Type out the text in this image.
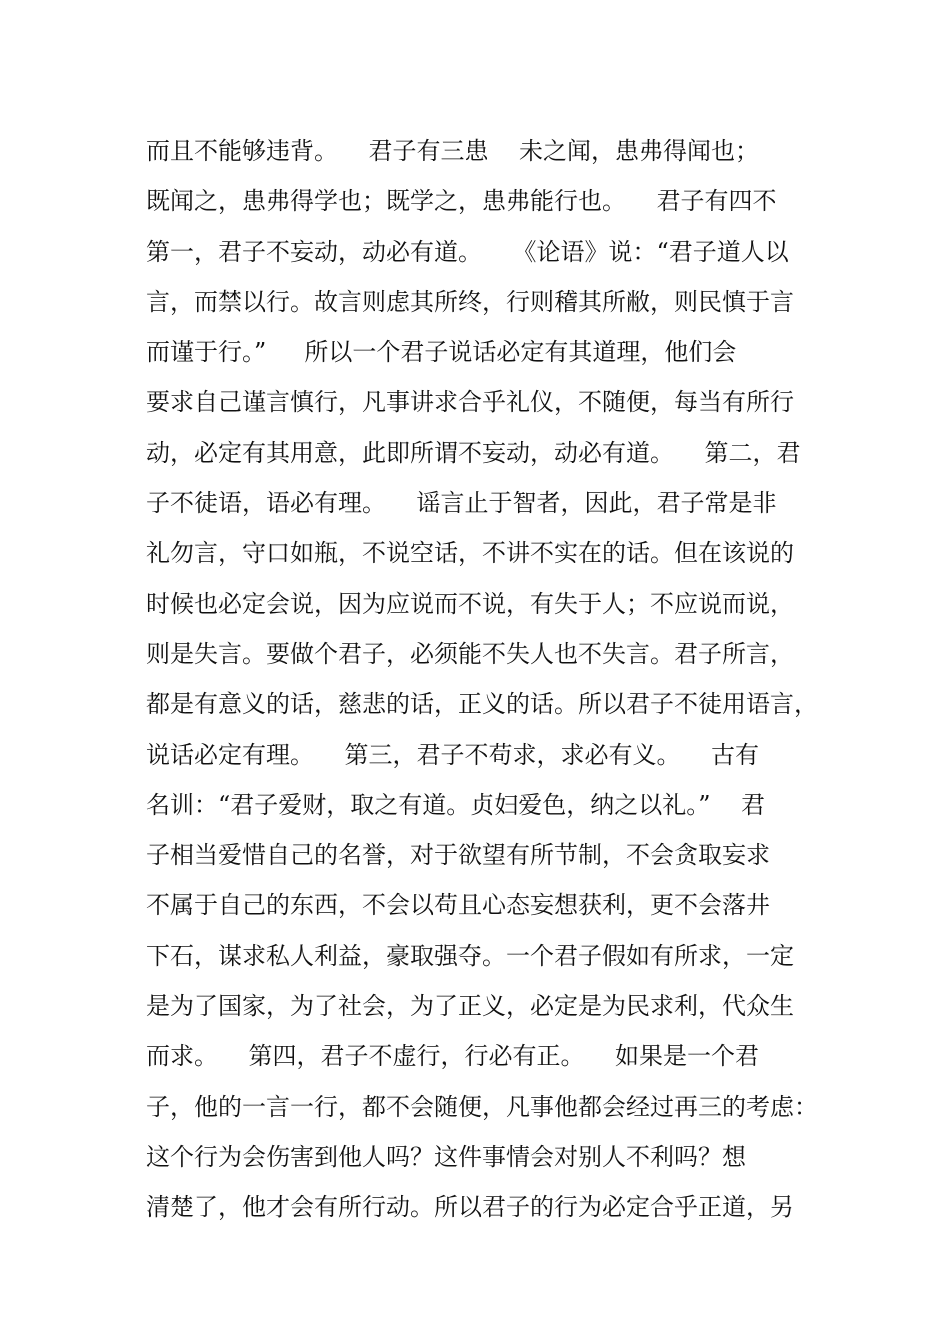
而且不能够违背。    君子有三患    未之闻，患弗得闻也；
既闻之，患弗得学也；既学之，患弗能行也。    君子有四不
第一，君子不妄动，动必有道。    《论语》说：“君子道人以
言，而禁以行。故言则虑其所终，行则稽其所敝，则民慎于言
而谨于行。”     所以一个君子说话必定有其道理，他们会
要求自己谨言慎行，凡事讲求合乎礼仪，不随便，每当有所行
动，必定有其用意，此即所谓不妄动，动必有道。    第二，君
子不徒语，语必有理。    谣言止于智者，因此，君子常是非
礼勿言，守口如瓶，不说空话，不讲不实在的话。但在该说的
时候也必定会说，因为应说而不说，有失于人；不应说而说，
则是失言。要做个君子，必须能不失人也不失言。君子所言，
都是有意义的话，慈悲的话，正义的话。所以君子不徒用语言，
说话必定有理。    第三，君子不苟求，求必有义。    古有
名训：“君子爱财，取之有道。贞妇爱色，纳之以礼。”    君
子相当爱惜自己的名誉，对于欲望有所节制，不会贪取妄求
不属于自己的东西，不会以苟且心态妄想获利，更不会落井
下石，谋求私人利益，豪取强夺。一个君子假如有所求，一定
是为了国家，为了社会，为了正义，必定是为民求利，代众生
而求。    第四，君子不虚行，行必有正。    如果是一个君
子，他的一言一行，都不会随便，凡事他都会经过再三的考虑：
这个行为会伤害到他人吗？这件事情会对别人不利吗？想
清楚了，他才会有所行动。所以君子的行为必定合乎正道，另
